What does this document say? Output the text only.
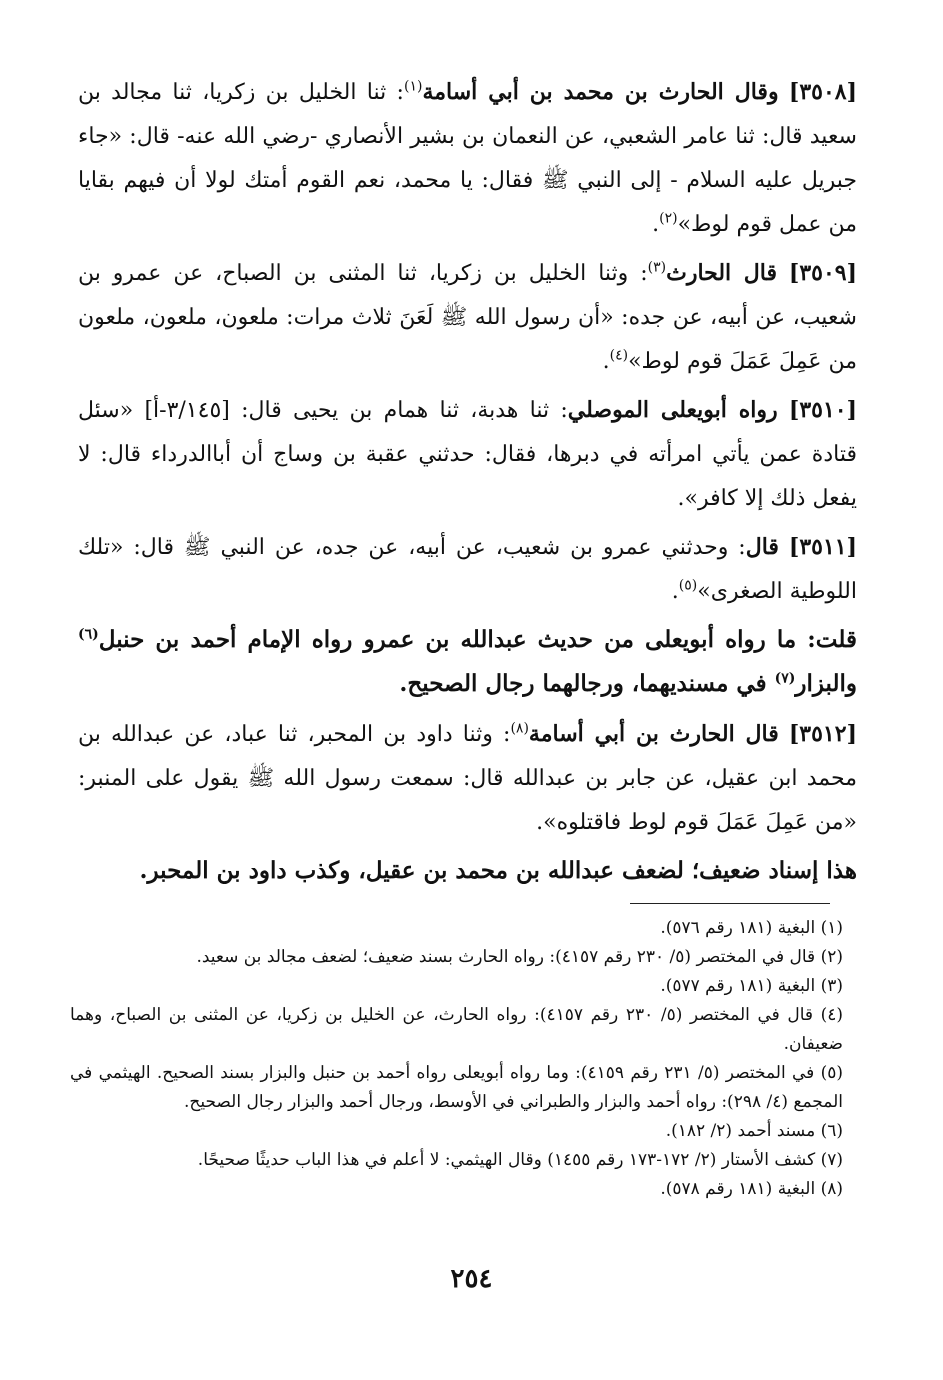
[٣٥٠٨] وقال الحارث بن محمد بن أبي أسامة$^{(١)}$: ثنا الخليل بن زكريا، ثنا مجالد بن سعيد قال: ثنا عامر الشعبي، عن النعمان بن بشير الأنصاري -رضي الله عنه- قال: «جاء جبريل عليه السلام - إلى النبي ﷺ فقال: يا محمد، نعم القوم أمتك لولا أن فيهم بقايا من عمل قوم لوط»$^{(٢)}$.
[٣٥٠٩] قال الحارث$^{(٣)}$: وثنا الخليل بن زكريا، ثنا المثنى بن الصباح، عن عمرو بن شعيب، عن أبيه، عن جده: «أن رسول الله ﷺ لَعَنَ ثلاث مرات: ملعون، ملعون، ملعون من عَمِلَ عَمَلَ قوم لوط»$^{(٤)}$.
[٣٥١٠] رواه أبويعلى الموصلي: ثنا هدبة، ثنا همام بن يحيى قال: [٣/١٤٥-أ] «سئل قتادة عمن يأتي امرأته في دبرها، فقال: حدثني عقبة بن وساج أن أباالدرداء قال: لا يفعل ذلك إلا كافر».
[٣٥١١] قال: وحدثني عمرو بن شعيب، عن أبيه، عن جده، عن النبي ﷺ قال: «تلك اللوطية الصغرى»$^{(٥)}$.
قلت: ما رواه أبويعلى من حديث عبدالله بن عمرو رواه الإمام أحمد بن حنبل$^{(٦)}$ والبزار$^{(٧)}$ في مسنديهما، ورجالهما رجال الصحيح.
[٣٥١٢] قال الحارث بن أبي أسامة$^{(٨)}$: وثنا داود بن المحبر، ثنا عباد، عن عبدالله بن محمد ابن عقيل، عن جابر بن عبدالله قال: سمعت رسول الله ﷺ يقول على المنبر: «من عَمِلَ عَمَلَ قوم لوط فاقتلوه».
هذا إسناد ضعيف؛ لضعف عبدالله بن محمد بن عقيل، وكذب داود بن المحبر.
(١) البغية (١٨١ رقم ٥٧٦).
(٢) قال في المختصر (٥/ ٢٣٠ رقم ٤١٥٧): رواه الحارث بسند ضعيف؛ لضعف مجالد بن سعيد.
(٣) البغية (١٨١ رقم ٥٧٧).
(٤) قال في المختصر (٥/ ٢٣٠ رقم ٤١٥٧): رواه الحارث، عن الخليل بن زكريا، عن المثنى بن الصباح، وهما ضعيفان.
(٥) في المختصر (٥/ ٢٣١ رقم ٤١٥٩): وما رواه أبويعلى رواه أحمد بن حنبل والبزار بسند الصحيح. الهيثمي في المجمع (٤/ ٢٩٨): رواه أحمد والبزار والطبراني في الأوسط، ورجال أحمد والبزار رجال الصحيح.
(٦) مسند أحمد (٢/ ١٨٢).
(٧) كشف الأستار (٢/ ١٧٢-١٧٣ رقم ١٤٥٥) وقال الهيثمي: لا أعلم في هذا الباب حديثًا صحيحًا.
(٨) البغية (١٨١ رقم ٥٧٨).
٢٥٤
